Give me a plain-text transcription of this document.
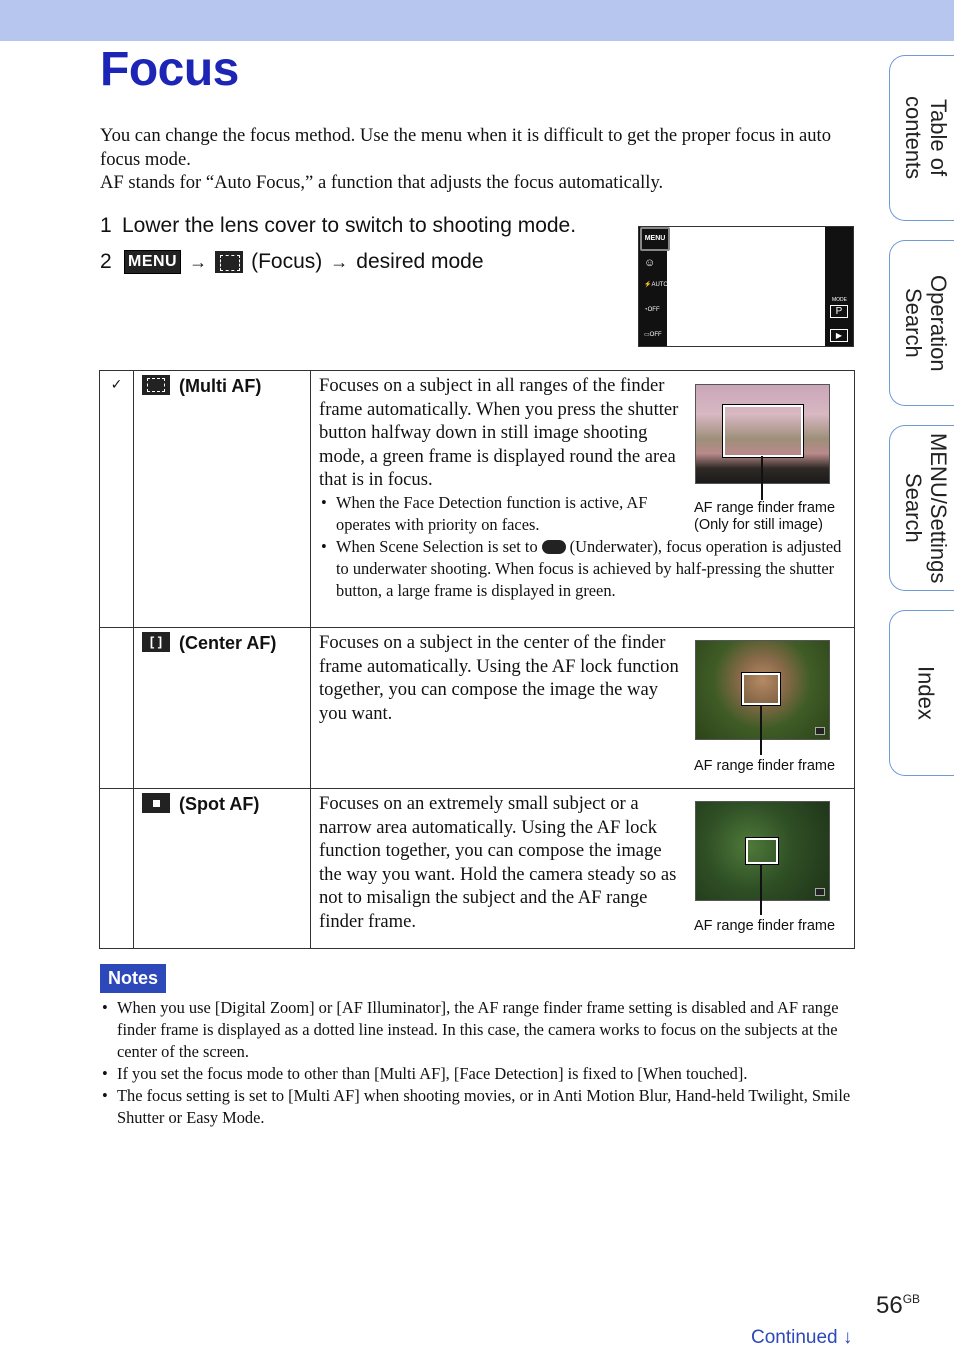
Focus

You can change the focus method. Use the menu when it is difficult to get the proper focus in auto focus mode.

AF stands for “Auto Focus,” a function that adjusts the focus automatically.

1 Lower the lens cover to switch to shooting mode.
2	MENU → (Focus) → desired mode
MENU
☺
⚡AUTO
◔OFF
▭OFF
MODE
P
▶
✓	(Multi AF)	Focuses on a subject in all ranges of the finder frame automatically. When you press the shutter button halfway down in still image shooting mode, a green frame is displayed round the area that is in focus.

• When the Face Detection function is active, AF operates with priority on faces.

• When Scene Selection is set to (Underwater), focus operation is adjusted to underwater shooting. When focus is achieved by half-pressing the shutter button, a large frame is displayed in green.

AF range finder frame
(Only for still image)

	[ ] (Center AF)	Focuses on a subject in the center of the finder frame automatically. Using the AF lock function together, you can compose the image the way you want.

AF range finder frame

	(Spot AF)	Focuses on an extremely small subject or a narrow area automatically. Using the AF lock function together, you can compose the image the way you want. Hold the camera steady so as not to misalign the subject and the AF range finder frame. AF range finder frame
Notes

• When you use [Digital Zoom] or [AF Illuminator], the AF range finder frame setting is disabled and AF range finder frame is displayed as a dotted line instead. In this case, the camera works to focus on the subjects at the center of the screen.

• If you set the focus mode to other than [Multi AF], [Face Detection] is fixed to [When touched].

• The focus setting is set to [Multi AF] when shooting movies, or in Anti Motion Blur, Hand-held Twilight, Smile Shutter or Easy Mode.

Table of
contents
Operation
Search
MENU/Settings
Search
Index
$56^{GB}$
Continued ↓
